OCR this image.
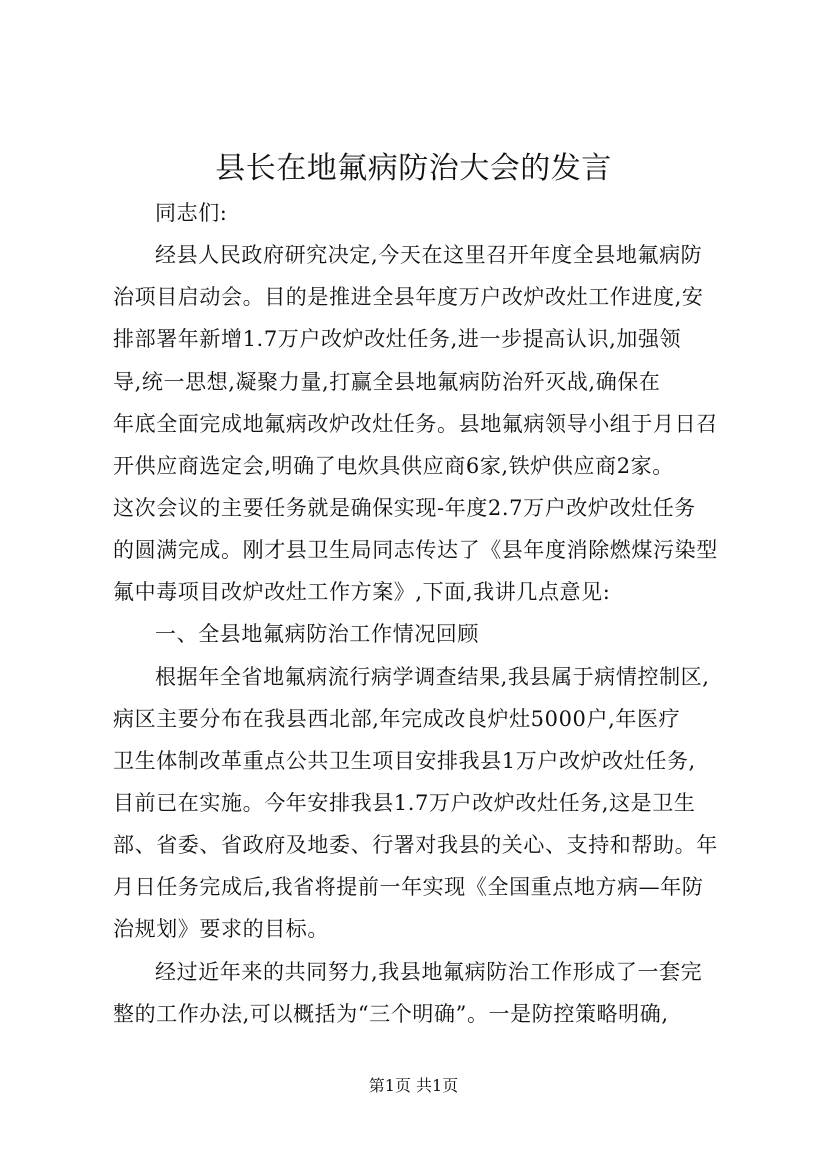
县长在地氟病防治大会的发言
同志们:
经县人民政府研究决定,今天在这里召开年度全县地氟病防
治项目启动会。目的是推进全县年度万户改炉改灶工作进度,安
排部署年新增1.7万户改炉改灶任务,进一步提高认识,加强领
导,统一思想,凝聚力量,打赢全县地氟病防治歼灭战,确保在
年底全面完成地氟病改炉改灶任务。县地氟病领导小组于月日召
开供应商选定会,明确了电炊具供应商6家,铁炉供应商2家。
这次会议的主要任务就是确保实现-年度2.7万户改炉改灶任务
的圆满完成。刚才县卫生局同志传达了《县年度消除燃煤污染型
氟中毒项目改炉改灶工作方案》,下面,我讲几点意见:
一、全县地氟病防治工作情况回顾
根据年全省地氟病流行病学调查结果,我县属于病情控制区,
病区主要分布在我县西北部,年完成改良炉灶5000户,年医疗
卫生体制改革重点公共卫生项目安排我县1万户改炉改灶任务,
目前已在实施。今年安排我县1.7万户改炉改灶任务,这是卫生
部、省委、省政府及地委、行署对我县的关心、支持和帮助。年
月日任务完成后,我省将提前一年实现《全国重点地方病—年防
治规划》要求的目标。
经过近年来的共同努力,我县地氟病防治工作形成了一套完
整的工作办法,可以概括为“三个明确”。一是防控策略明确,
第1页 共1页
